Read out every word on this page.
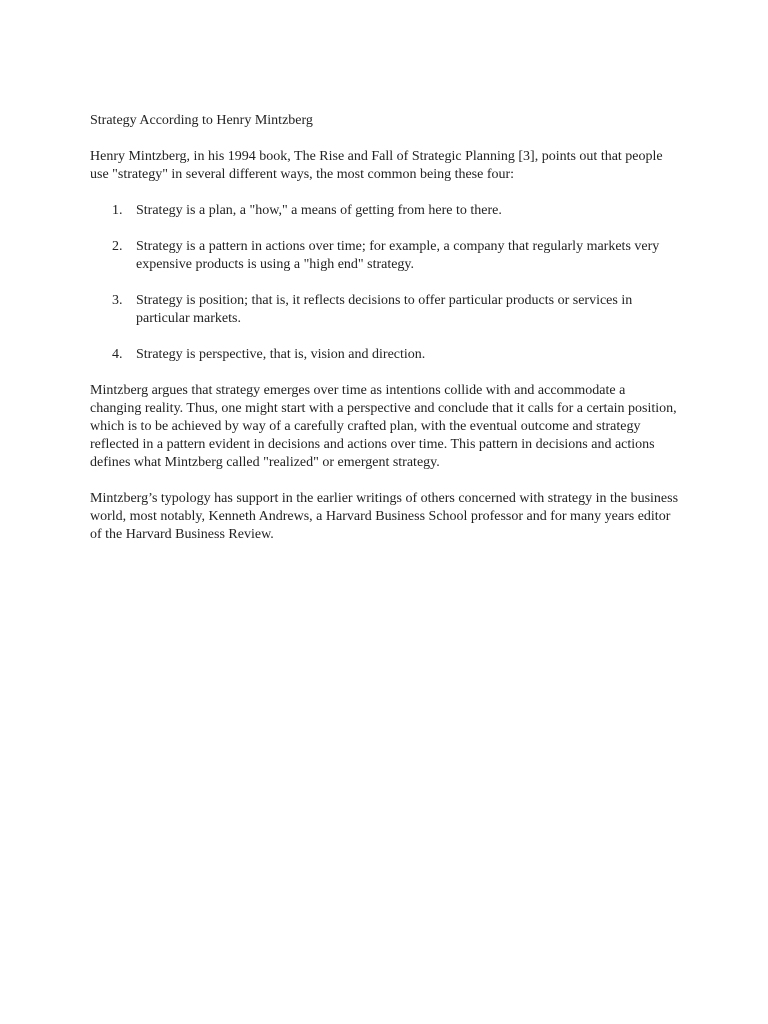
Strategy According to Henry Mintzberg

Henry Mintzberg, in his 1994 book, The Rise and Fall of Strategic Planning [3], points out that people use "strategy" in several different ways, the most common being these four:

1. Strategy is a plan, a "how," a means of getting from here to there.
2. Strategy is a pattern in actions over time; for example, a company that regularly markets very expensive products is using a "high end" strategy.
3. Strategy is position; that is, it reflects decisions to offer particular products or services in particular markets.
4. Strategy is perspective, that is, vision and direction.

Mintzberg argues that strategy emerges over time as intentions collide with and accommodate a changing reality. Thus, one might start with a perspective and conclude that it calls for a certain position, which is to be achieved by way of a carefully crafted plan, with the eventual outcome and strategy reflected in a pattern evident in decisions and actions over time. This pattern in decisions and actions defines what Mintzberg called "realized" or emergent strategy.

Mintzberg’s typology has support in the earlier writings of others concerned with strategy in the business world, most notably, Kenneth Andrews, a Harvard Business School professor and for many years editor of the Harvard Business Review.
